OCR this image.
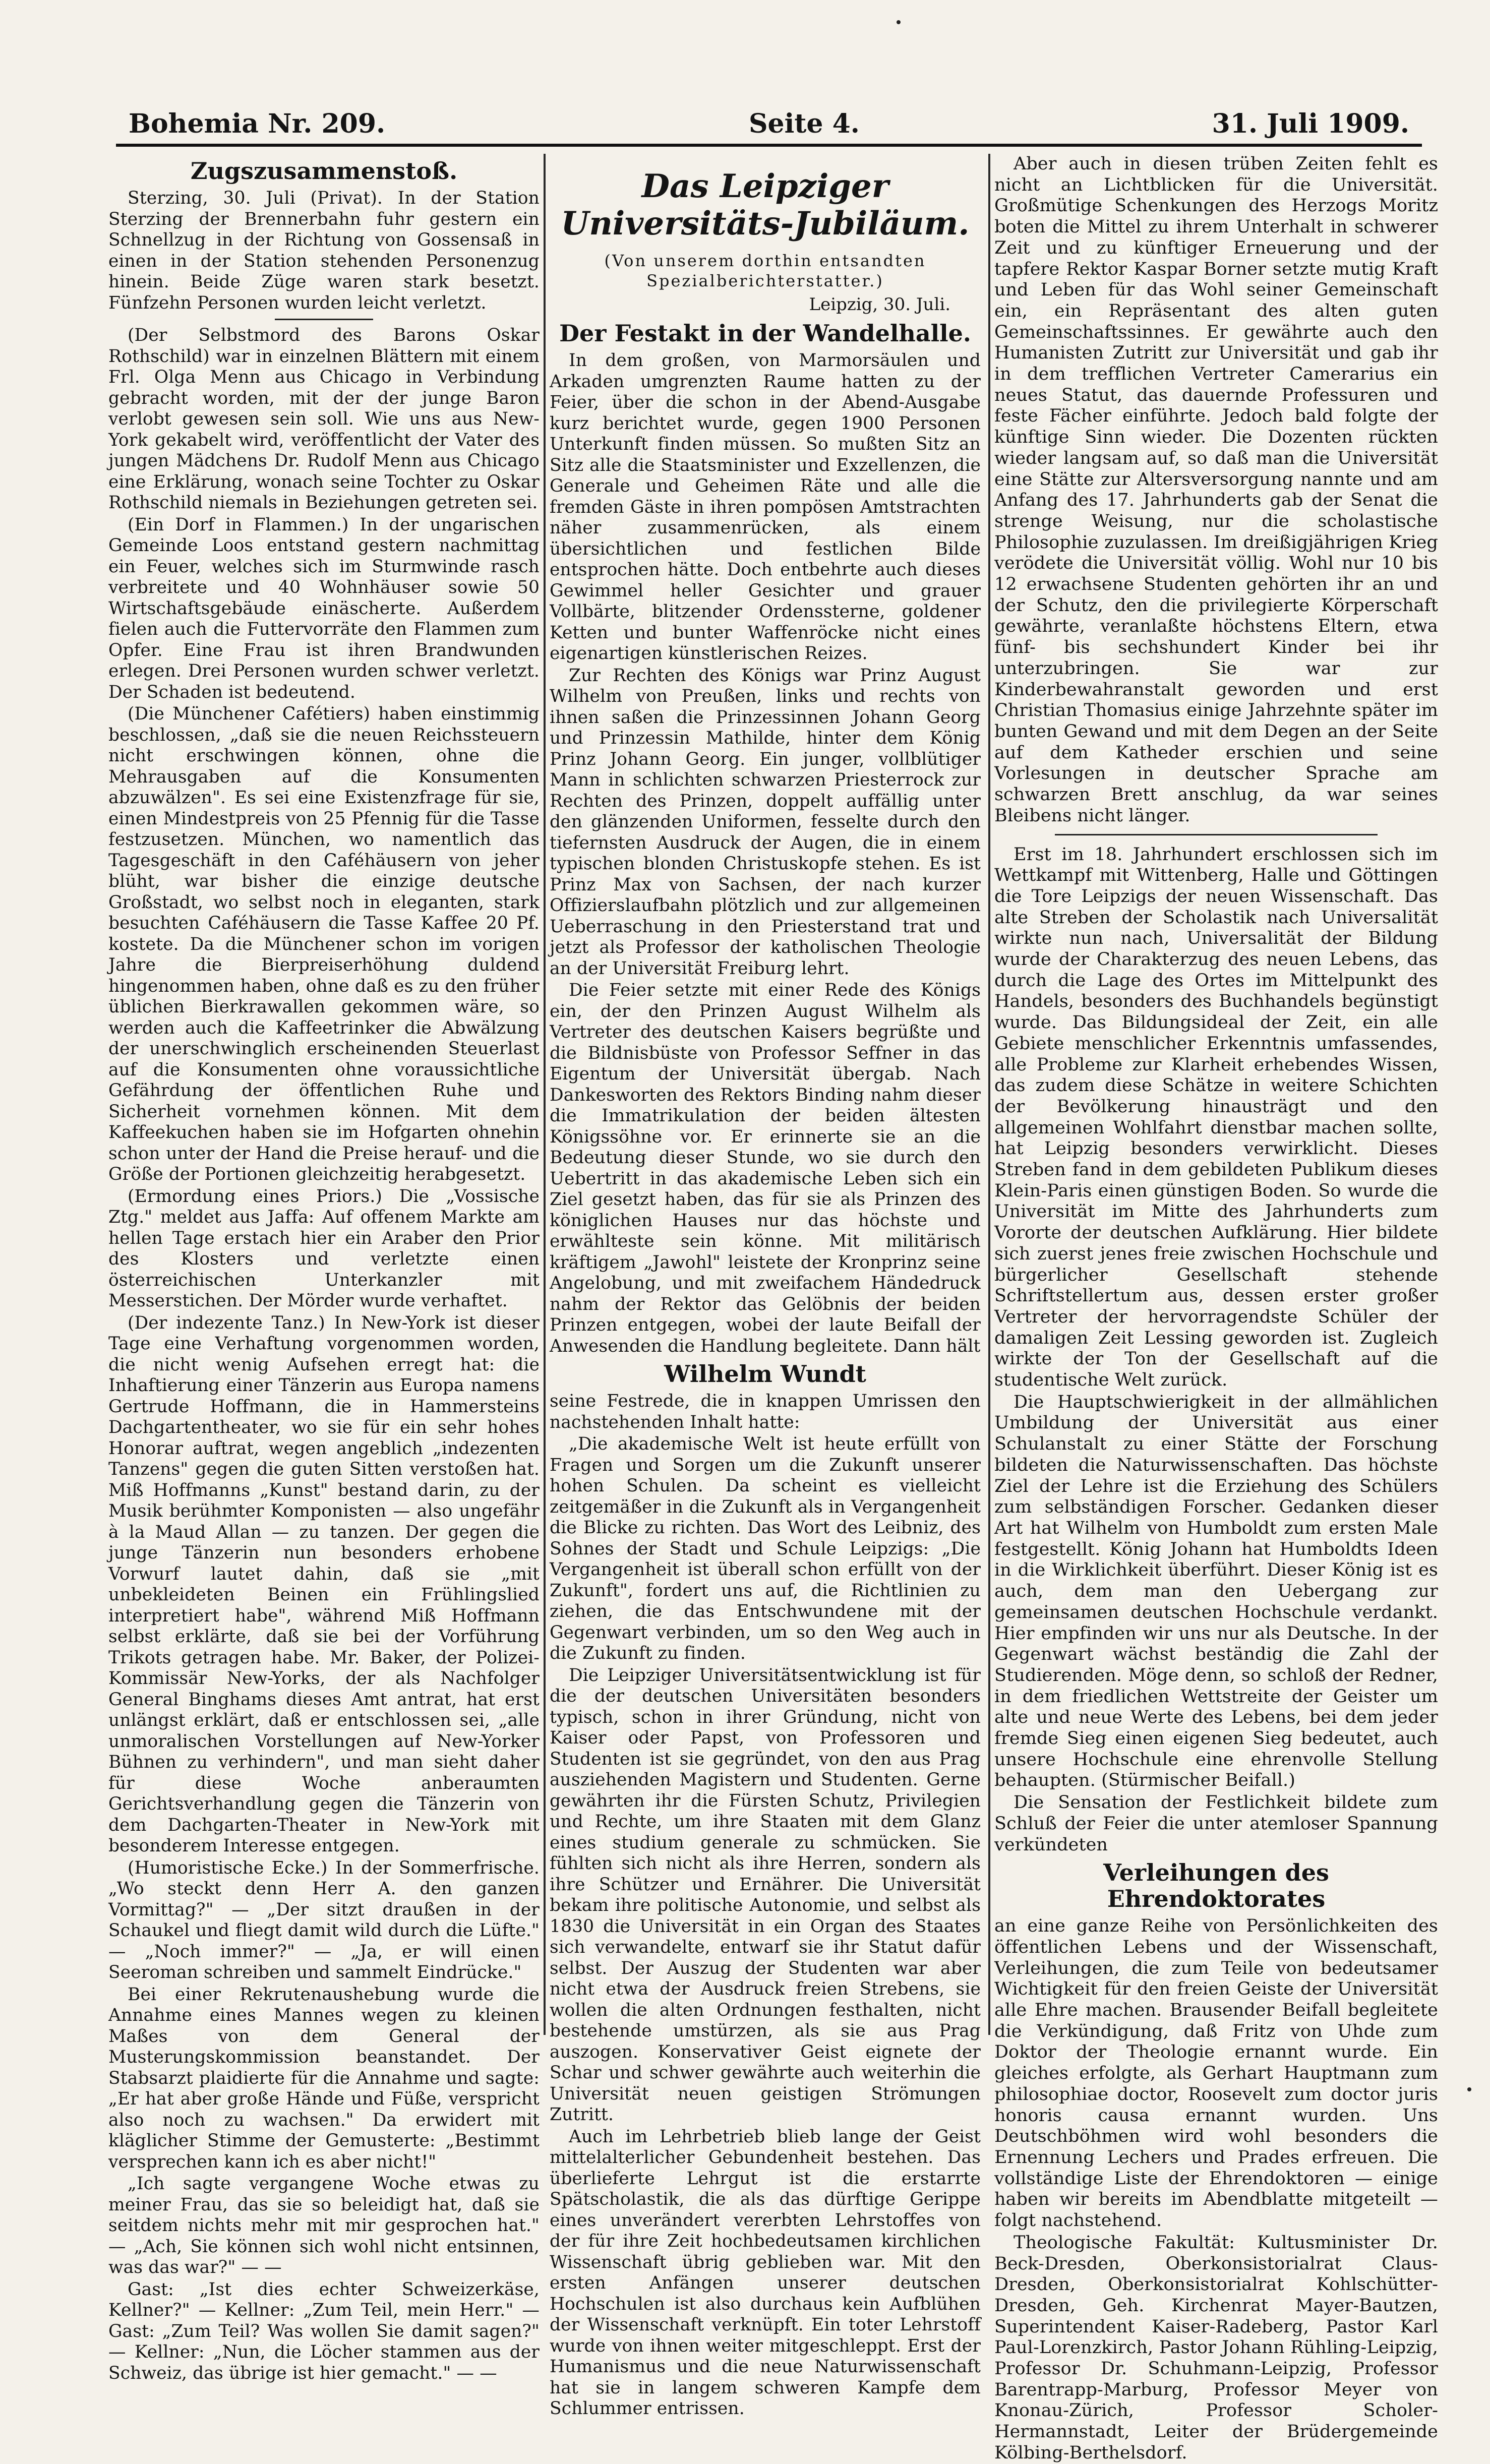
Bohemia Nr. 209.	Seite 4.	31. Juli 1909.
Zugszusammenstoß.

Sterzing, 30. Juli (Privat). In der Station Sterzing der Brennerbahn fuhr gestern ein Schnellzug in der Richtung von Gossensaß in einen in der Station stehenden Personenzug hinein. Beide Züge waren stark besetzt. Fünfzehn Personen wurden leicht verletzt.

(Der Selbstmord des Barons Oskar Rothschild) war in einzelnen Blättern mit einem Frl. Olga Menn aus Chicago in Verbindung gebracht worden, mit der der junge Baron verlobt gewesen sein soll. Wie uns aus New-York gekabelt wird, veröffentlicht der Vater des jungen Mädchens Dr. Rudolf Menn aus Chicago eine Erklärung, wonach seine Tochter zu Oskar Rothschild niemals in Beziehungen getreten sei.

(Ein Dorf in Flammen.) In der ungarischen Gemeinde Loos entstand gestern nachmittag ein Feuer, welches sich im Sturmwinde rasch verbreitete und 40 Wohnhäuser sowie 50 Wirtschaftsgebäude einäscherte. Außerdem fielen auch die Futtervorräte den Flammen zum Opfer. Eine Frau ist ihren Brandwunden erlegen. Drei Personen wurden schwer verletzt. Der Schaden ist bedeutend.

(Die Münchener Cafétiers) haben einstimmig beschlossen, „daß sie die neuen Reichssteuern nicht erschwingen können, ohne die Mehrausgaben auf die Konsumenten abzuwälzen". Es sei eine Existenzfrage für sie, einen Mindestpreis von 25 Pfennig für die Tasse festzusetzen. München, wo namentlich das Tagesgeschäft in den Caféhäusern von jeher blüht, war bisher die einzige deutsche Großstadt, wo selbst noch in eleganten, stark besuchten Caféhäusern die Tasse Kaffee 20 Pf. kostete. Da die Münchener schon im vorigen Jahre die Bierpreiserhöhung duldend hingenommen haben, ohne daß es zu den früher üblichen Bierkrawallen gekommen wäre, so werden auch die Kaffeetrinker die Abwälzung der unerschwinglich erscheinenden Steuerlast auf die Konsumenten ohne voraussichtliche Gefährdung der öffentlichen Ruhe und Sicherheit vornehmen können. Mit dem Kaffeekuchen haben sie im Hofgarten ohnehin schon unter der Hand die Preise herauf- und die Größe der Portionen gleichzeitig herabgesetzt.

(Ermordung eines Priors.) Die „Vossische Ztg." meldet aus Jaffa: Auf offenem Markte am hellen Tage erstach hier ein Araber den Prior des Klosters und verletzte einen österreichischen Unterkanzler mit Messerstichen. Der Mörder wurde verhaftet.

(Der indezente Tanz.) In New-York ist dieser Tage eine Verhaftung vorgenommen worden, die nicht wenig Aufsehen erregt hat: die Inhaftierung einer Tänzerin aus Europa namens Gertrude Hoffmann, die in Hammersteins Dachgartentheater, wo sie für ein sehr hohes Honorar auftrat, wegen angeblich „indezenten Tanzens" gegen die guten Sitten verstoßen hat. Miß Hoffmanns „Kunst" bestand darin, zu der Musik berühmter Komponisten — also ungefähr à la Maud Allan — zu tanzen. Der gegen die junge Tänzerin nun besonders erhobene Vorwurf lautet dahin, daß sie „mit unbekleideten Beinen ein Frühlingslied interpretiert habe", während Miß Hoffmann selbst erklärte, daß sie bei der Vorführung Trikots getragen habe. Mr. Baker, der Polizei-Kommissär New-Yorks, der als Nachfolger General Binghams dieses Amt antrat, hat erst unlängst erklärt, daß er entschlossen sei, „alle unmoralischen Vorstellungen auf New-Yorker Bühnen zu verhindern", und man sieht daher für diese Woche anberaumten Gerichtsverhandlung gegen die Tänzerin von dem Dachgarten-Theater in New-York mit besonderem Interesse entgegen.

(Humoristische Ecke.) In der Sommerfrische. „Wo steckt denn Herr A. den ganzen Vormittag?" — „Der sitzt draußen in der Schaukel und fliegt damit wild durch die Lüfte." — „Noch immer?" — „Ja, er will einen Seeroman schreiben und sammelt Eindrücke."

Bei einer Rekrutenaushebung wurde die Annahme eines Mannes wegen zu kleinen Maßes von dem General der Musterungskommission beanstandet. Der Stabsarzt plaidierte für die Annahme und sagte: „Er hat aber große Hände und Füße, verspricht also noch zu wachsen." Da erwidert mit kläglicher Stimme der Gemusterte: „Bestimmt versprechen kann ich es aber nicht!"

„Ich sagte vergangene Woche etwas zu meiner Frau, das sie so beleidigt hat, daß sie seitdem nichts mehr mit mir gesprochen hat." — „Ach, Sie können sich wohl nicht entsinnen, was das war?" — —

Gast: „Ist dies echter Schweizerkäse, Kellner?" — Kellner: „Zum Teil, mein Herr." — Gast: „Zum Teil? Was wollen Sie damit sagen?" — Kellner: „Nun, die Löcher stammen aus der Schweiz, das übrige ist hier gemacht." — —

Das Leipziger Universitäts-Jubiläum.
(Von unserem dorthin entsandten Spezialberichterstatter.)
Leipzig, 30. Juli.
Der Festakt in der Wandelhalle.

In dem großen, von Marmorsäulen und Arkaden umgrenzten Raume hatten zu der Feier, über die schon in der Abend-Ausgabe kurz berichtet wurde, gegen 1900 Personen Unterkunft finden müssen. So mußten Sitz an Sitz alle die Staatsminister und Exzellenzen, die Generale und Geheimen Räte und alle die fremden Gäste in ihren pompösen Amtstrachten näher zusammenrücken, als einem übersichtlichen und festlichen Bilde entsprochen hätte. Doch entbehrte auch dieses Gewimmel heller Gesichter und grauer Vollbärte, blitzender Ordenssterne, goldener Ketten und bunter Waffenröcke nicht eines eigenartigen künstlerischen Reizes.

Zur Rechten des Königs war Prinz August Wilhelm von Preußen, links und rechts von ihnen saßen die Prinzessinnen Johann Georg und Prinzessin Mathilde, hinter dem König Prinz Johann Georg. Ein junger, vollblütiger Mann in schlichten schwarzen Priesterrock zur Rechten des Prinzen, doppelt auffällig unter den glänzenden Uniformen, fesselte durch den tiefernsten Ausdruck der Augen, die in einem typischen blonden Christuskopfe stehen. Es ist Prinz Max von Sachsen, der nach kurzer Offizierslaufbahn plötzlich und zur allgemeinen Ueberraschung in den Priesterstand trat und jetzt als Professor der katholischen Theologie an der Universität Freiburg lehrt.

Die Feier setzte mit einer Rede des Königs ein, der den Prinzen August Wilhelm als Vertreter des deutschen Kaisers begrüßte und die Bildnisbüste von Professor Seffner in das Eigentum der Universität übergab. Nach Dankesworten des Rektors Binding nahm dieser die Immatrikulation der beiden ältesten Königssöhne vor. Er erinnerte sie an die Bedeutung dieser Stunde, wo sie durch den Uebertritt in das akademische Leben sich ein Ziel gesetzt haben, das für sie als Prinzen des königlichen Hauses nur das höchste und erwählteste sein könne. Mit militärisch kräftigem „Jawohl" leistete der Kronprinz seine Angelobung, und mit zweifachem Händedruck nahm der Rektor das Gelöbnis der beiden Prinzen entgegen, wobei der laute Beifall der Anwesenden die Handlung begleitete. Dann hält

Wilhelm Wundt

seine Festrede, die in knappen Umrissen den nachstehenden Inhalt hatte:

„Die akademische Welt ist heute erfüllt von Fragen und Sorgen um die Zukunft unserer hohen Schulen. Da scheint es vielleicht zeitgemäßer in die Zukunft als in Vergangenheit die Blicke zu richten. Das Wort des Leibniz, des Sohnes der Stadt und Schule Leipzigs: „Die Vergangenheit ist überall schon erfüllt von der Zukunft", fordert uns auf, die Richtlinien zu ziehen, die das Entschwundene mit der Gegenwart verbinden, um so den Weg auch in die Zukunft zu finden.

Die Leipziger Universitätsentwicklung ist für die der deutschen Universitäten besonders typisch, schon in ihrer Gründung, nicht von Kaiser oder Papst, von Professoren und Studenten ist sie gegründet, von den aus Prag ausziehenden Magistern und Studenten. Gerne gewährten ihr die Fürsten Schutz, Privilegien und Rechte, um ihre Staaten mit dem Glanz eines studium generale zu schmücken. Sie fühlten sich nicht als ihre Herren, sondern als ihre Schützer und Ernährer. Die Universität bekam ihre politische Autonomie, und selbst als 1830 die Universität in ein Organ des Staates sich verwandelte, entwarf sie ihr Statut dafür selbst. Der Auszug der Studenten war aber nicht etwa der Ausdruck freien Strebens, sie wollen die alten Ordnungen festhalten, nicht bestehende umstürzen, als sie aus Prag auszogen. Konservativer Geist eignete der Schar und schwer gewährte auch weiterhin die Universität neuen geistigen Strömungen Zutritt.

Auch im Lehrbetrieb blieb lange der Geist mittelalterlicher Gebundenheit bestehen. Das überlieferte Lehrgut ist die erstarrte Spätscholastik, die als das dürftige Gerippe eines unverändert vererbten Lehrstoffes von der für ihre Zeit hochbedeutsamen kirchlichen Wissenschaft übrig geblieben war. Mit den ersten Anfängen unserer deutschen Hochschulen ist also durchaus kein Aufblühen der Wissenschaft verknüpft. Ein toter Lehrstoff wurde von ihnen weiter mitgeschleppt. Erst der Humanismus und die neue Naturwissenschaft hat sie in langem schweren Kampfe dem Schlummer entrissen.

Aber auch in diesen trüben Zeiten fehlt es nicht an Lichtblicken für die Universität. Großmütige Schenkungen des Herzogs Moritz boten die Mittel zu ihrem Unterhalt in schwerer Zeit und zu künftiger Erneuerung und der tapfere Rektor Kaspar Borner setzte mutig Kraft und Leben für das Wohl seiner Gemeinschaft ein, ein Repräsentant des alten guten Gemeinschaftssinnes. Er gewährte auch den Humanisten Zutritt zur Universität und gab ihr in dem trefflichen Vertreter Camerarius ein neues Statut, das dauernde Professuren und feste Fächer einführte. Jedoch bald folgte der künftige Sinn wieder. Die Dozenten rückten wieder langsam auf, so daß man die Universität eine Stätte zur Altersversorgung nannte und am Anfang des 17. Jahrhunderts gab der Senat die strenge Weisung, nur die scholastische Philosophie zuzulassen. Im dreißigjährigen Krieg verödete die Universität völlig. Wohl nur 10 bis 12 erwachsene Studenten gehörten ihr an und der Schutz, den die privilegierte Körperschaft gewährte, veranlaßte höchstens Eltern, etwa fünf- bis sechshundert Kinder bei ihr unterzubringen. Sie war zur Kinderbewahranstalt geworden und erst Christian Thomasius einige Jahrzehnte später im bunten Gewand und mit dem Degen an der Seite auf dem Katheder erschien und seine Vorlesungen in deutscher Sprache am schwarzen Brett anschlug, da war seines Bleibens nicht länger.

Erst im 18. Jahrhundert erschlossen sich im Wettkampf mit Wittenberg, Halle und Göttingen die Tore Leipzigs der neuen Wissenschaft. Das alte Streben der Scholastik nach Universalität wirkte nun nach, Universalität der Bildung wurde der Charakterzug des neuen Lebens, das durch die Lage des Ortes im Mittelpunkt des Handels, besonders des Buchhandels begünstigt wurde. Das Bildungsideal der Zeit, ein alle Gebiete menschlicher Erkenntnis umfassendes, alle Probleme zur Klarheit erhebendes Wissen, das zudem diese Schätze in weitere Schichten der Bevölkerung hinausträgt und den allgemeinen Wohlfahrt dienstbar machen sollte, hat Leipzig besonders verwirklicht. Dieses Streben fand in dem gebildeten Publikum dieses Klein-Paris einen günstigen Boden. So wurde die Universität im Mitte des Jahrhunderts zum Vororte der deutschen Aufklärung. Hier bildete sich zuerst jenes freie zwischen Hochschule und bürgerlicher Gesellschaft stehende Schriftstellertum aus, dessen erster großer Vertreter der hervorragendste Schüler der damaligen Zeit Lessing geworden ist. Zugleich wirkte der Ton der Gesellschaft auf die studentische Welt zurück.

Die Hauptschwierigkeit in der allmählichen Umbildung der Universität aus einer Schulanstalt zu einer Stätte der Forschung bildeten die Naturwissenschaften. Das höchste Ziel der Lehre ist die Erziehung des Schülers zum selbständigen Forscher. Gedanken dieser Art hat Wilhelm von Humboldt zum ersten Male festgestellt. König Johann hat Humboldts Ideen in die Wirklichkeit überführt. Dieser König ist es auch, dem man den Uebergang zur gemeinsamen deutschen Hochschule verdankt. Hier empfinden wir uns nur als Deutsche. In der Gegenwart wächst beständig die Zahl der Studierenden. Möge denn, so schloß der Redner, in dem friedlichen Wettstreite der Geister um alte und neue Werte des Lebens, bei dem jeder fremde Sieg einen eigenen Sieg bedeutet, auch unsere Hochschule eine ehrenvolle Stellung behaupten. (Stürmischer Beifall.)

Die Sensation der Festlichkeit bildete zum Schluß der Feier die unter atemloser Spannung verkündeten

Verleihungen des Ehrendoktorates

an eine ganze Reihe von Persönlichkeiten des öffentlichen Lebens und der Wissenschaft, Verleihungen, die zum Teile von bedeutsamer Wichtigkeit für den freien Geiste der Universität alle Ehre machen. Brausender Beifall begleitete die Verkündigung, daß Fritz von Uhde zum Doktor der Theologie ernannt wurde. Ein gleiches erfolgte, als Gerhart Hauptmann zum philosophiae doctor, Roosevelt zum doctor juris honoris causa ernannt wurden. Uns Deutschböhmen wird wohl besonders die Ernennung Lechers und Prades erfreuen. Die vollständige Liste der Ehrendoktoren — einige haben wir bereits im Abendblatte mitgeteilt — folgt nachstehend.

Theologische Fakultät: Kultusminister Dr. Beck-Dresden, Oberkonsistorialrat Claus-Dresden, Oberkonsistorialrat Kohlschütter-Dresden, Geh. Kirchenrat Mayer-Bautzen, Superintendent Kaiser-Radeberg, Pastor Karl Paul-Lorenzkirch, Pastor Johann Rühling-Leipzig, Professor Dr. Schuhmann-Leipzig, Professor Barentrapp-Marburg, Professor Meyer von Knonau-Zürich, Professor Scholer-Hermannstadt, Leiter der Brüdergemeinde Kölbing-Berthelsdorf.
